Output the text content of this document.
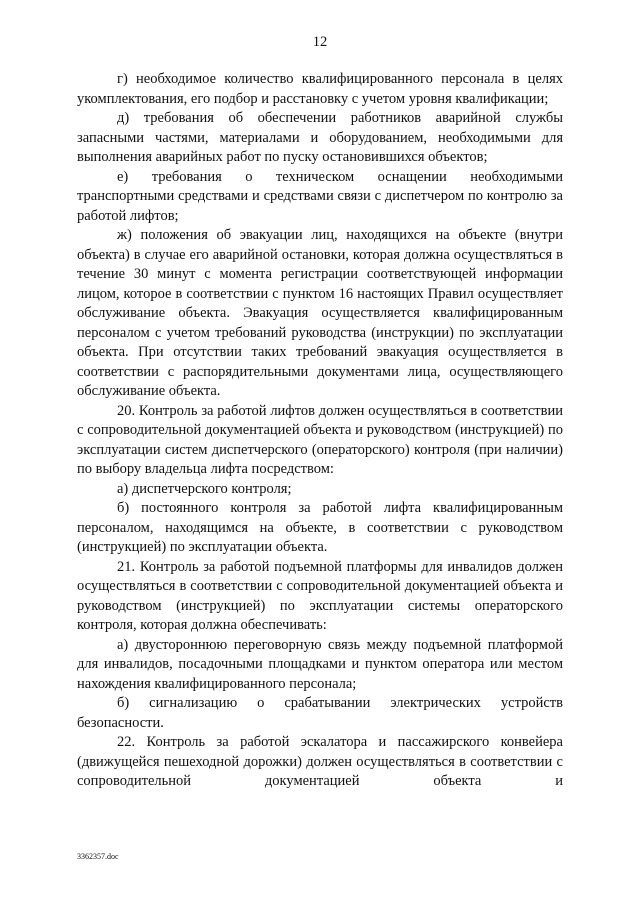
12

г) необходимое количество квалифицированного персонала в целях укомплектования, его подбор и расстановку с учетом уровня квалификации;

д) требования об обеспечении работников аварийной службы запасными частями, материалами и оборудованием, необходимыми для выполнения аварийных работ по пуску остановившихся объектов;

е) требования о техническом оснащении необходимыми транспортными средствами и средствами связи с диспетчером по контролю за работой лифтов;

ж) положения об эвакуации лиц, находящихся на объекте (внутри объекта) в случае его аварийной остановки, которая должна осуществляться в течение 30 минут с момента регистрации соответствующей информации лицом, которое в соответствии с пунктом 16 настоящих Правил осуществляет обслуживание объекта. Эвакуация осуществляется квалифицированным персоналом с учетом требований руководства (инструкции) по эксплуатации объекта. При отсутствии таких требований эвакуация осуществляется в соответствии с распорядительными документами лица, осуществляющего обслуживание объекта.

20. Контроль за работой лифтов должен осуществляться в соответствии с сопроводительной документацией объекта и руководством (инструкцией) по эксплуатации систем диспетчерского (операторского) контроля (при наличии) по выбору владельца лифта посредством:

а) диспетчерского контроля;

б) постоянного контроля за работой лифта квалифицированным персоналом, находящимся на объекте, в соответствии с руководством (инструкцией) по эксплуатации объекта.

21. Контроль за работой подъемной платформы для инвалидов должен осуществляться в соответствии с сопроводительной документацией объекта и руководством (инструкцией) по эксплуатации системы операторского контроля, которая должна обеспечивать:

а) двустороннюю переговорную связь между подъемной платформой для инвалидов, посадочными площадками и пунктом оператора или местом нахождения квалифицированного персонала;

б) сигнализацию о срабатывании электрических устройств безопасности.

22. Контроль за работой эскалатора и пассажирского конвейера (движущейся пешеходной дорожки) должен осуществляться в соответствии с сопроводительной документацией объекта и

3362357.doc
